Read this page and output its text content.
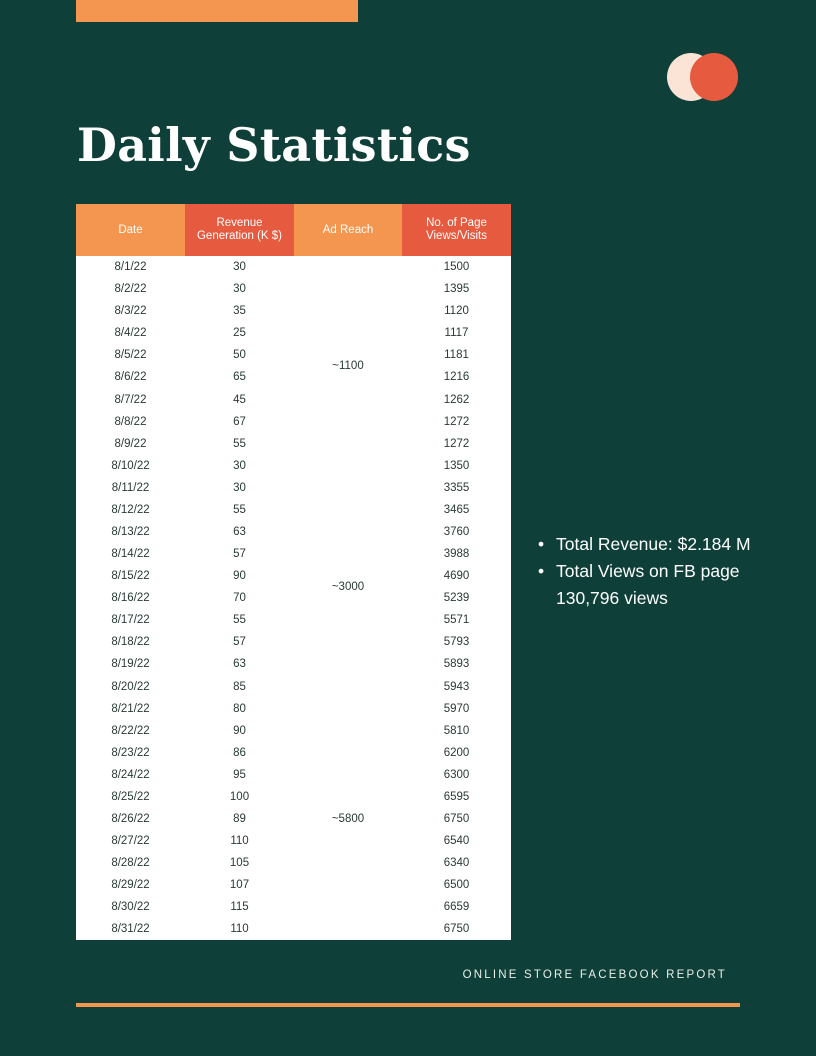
Daily Statistics
Date	Revenue Generation (K $)	Ad Reach	No. of Page Views/Visits
8/1/22	30	~1100	1500
8/2/22	30		1395
8/3/22	35		1120
8/4/22	25		1117
8/5/22	50		1181
8/6/22	65		1216
8/7/22	45		1262
8/8/22	67		1272
8/9/22	55		1272
8/10/22	30		1350
8/11/22	30	~3000	3355
8/12/22	55		3465
8/13/22	63		3760
8/14/22	57		3988
8/15/22	90		4690
8/16/22	70		5239
8/17/22	55		5571
8/18/22	57		5793
8/19/22	63		5893
8/20/22	85		5943
8/21/22	80	~5800	5970
8/22/22	90		5810
8/23/22	86		6200
8/24/22	95		6300
8/25/22	100		6595
8/26/22	89		6750
8/27/22	110		6540
8/28/22	105		6340
8/29/22	107		6500
8/30/22	115		6659
8/31/22	110		6750
• Total Revenue: $2.184 M
• Total Views on FB page
130,796 views
ONLINE STORE FACEBOOK REPORT
